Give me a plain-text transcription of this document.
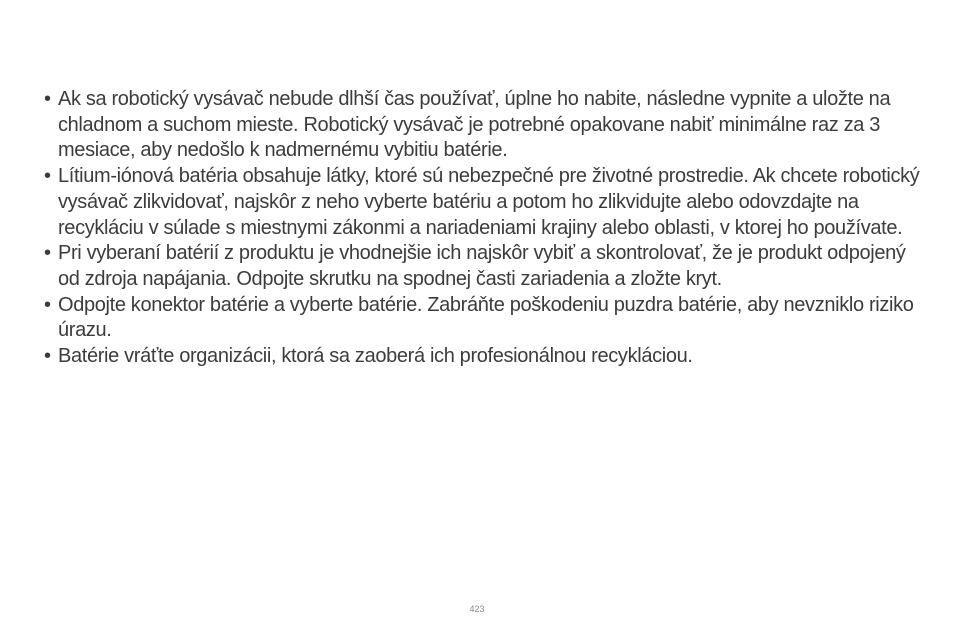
• Ak sa robotický vysávač nebude dlhší čas používať, úplne ho nabite, následne vypnite a uložte na chladnom a suchom mieste. Robotický vysávač je potrebné opakovane nabiť minimálne raz za 3 mesiace, aby nedošlo k nadmernému vybitiu batérie.
• Lítium-iónová batéria obsahuje látky, ktoré sú nebezpečné pre životné prostredie. Ak chcete robotický vysávač zlikvidovať, najskôr z neho vyberte batériu a potom ho zlikvidujte alebo odovzdajte na recykláciu v súlade s miestnymi zákonmi a nariadeniami krajiny alebo oblasti, v ktorej ho používate.
• Pri vyberaní batérií z produktu je vhodnejšie ich najskôr vybiť a skontrolovať, že je produkt odpojený od zdroja napájania. Odpojte skrutku na spodnej časti zariadenia a zložte kryt.
• Odpojte konektor batérie a vyberte batérie. Zabráňte poškodeniu puzdra batérie, aby nevzniklo riziko úrazu.
• Batérie vráťte organizácii, ktorá sa zaoberá ich profesionálnou recykláciou.
423
